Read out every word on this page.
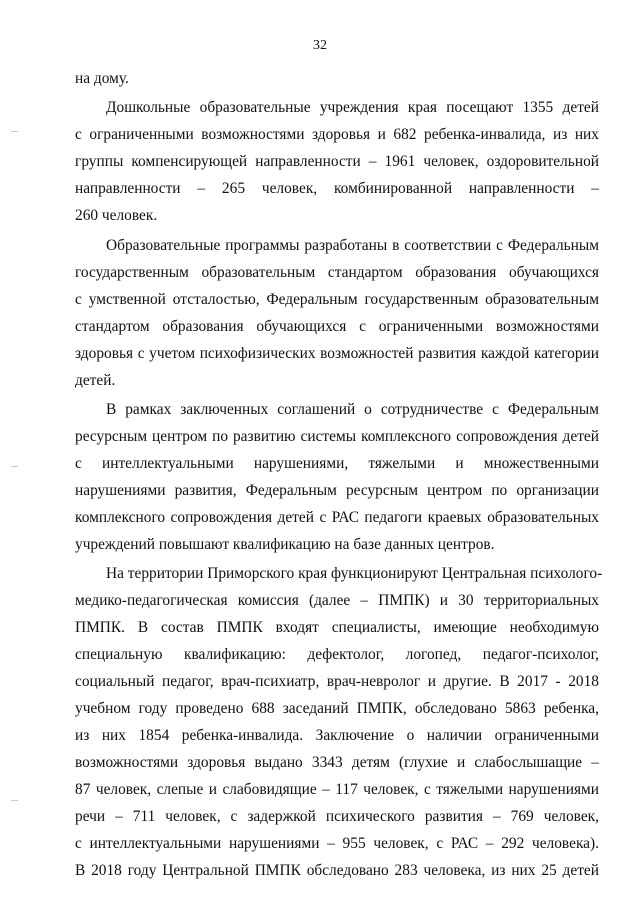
32
на дому.
Дошкольные образовательные учреждения края посещают 1355 детей
с ограниченными возможностями здоровья и 682 ребенка-инвалида, из них
группы компенсирующей направленности – 1961 человек, оздоровительной
направленности – 265 человек, комбинированной направленности –
260 человек.
Образовательные программы разработаны в соответствии с Федеральным
государственным образовательным стандартом образования обучающихся
с умственной отсталостью, Федеральным государственным образовательным
стандартом образования обучающихся с ограниченными возможностями
здоровья с учетом психофизических возможностей развития каждой категории
детей.
В рамках заключенных соглашений о сотрудничестве с Федеральным
ресурсным центром по развитию системы комплексного сопровождения детей
с интеллектуальными нарушениями, тяжелыми и множественными
нарушениями развития, Федеральным ресурсным центром по организации
комплексного сопровождения детей с РАС педагоги краевых образовательных
учреждений повышают квалификацию на базе данных центров.
На территории Приморского края функционируют Центральная психолого-
медико-педагогическая комиссия (далее – ПМПК) и 30 территориальных
ПМПК. В состав ПМПК входят специалисты, имеющие необходимую
специальную квалификацию: дефектолог, логопед, педагог-психолог,
социальный педагог, врач-психиатр, врач-невролог и другие. В 2017 - 2018
учебном году проведено 688 заседаний ПМПК, обследовано 5863 ребенка,
из них 1854 ребенка-инвалида. Заключение о наличии ограниченными
возможностями здоровья выдано 3343 детям (глухие и слабослышащие –
87 человек, слепые и слабовидящие – 117 человек, с тяжелыми нарушениями
речи – 711 человек, с задержкой психического развития – 769 человек,
с интеллектуальными нарушениями – 955 человек, с РАС – 292 человека).
В 2018 году Центральной ПМПК обследовано 283 человека, из них 25 детей
